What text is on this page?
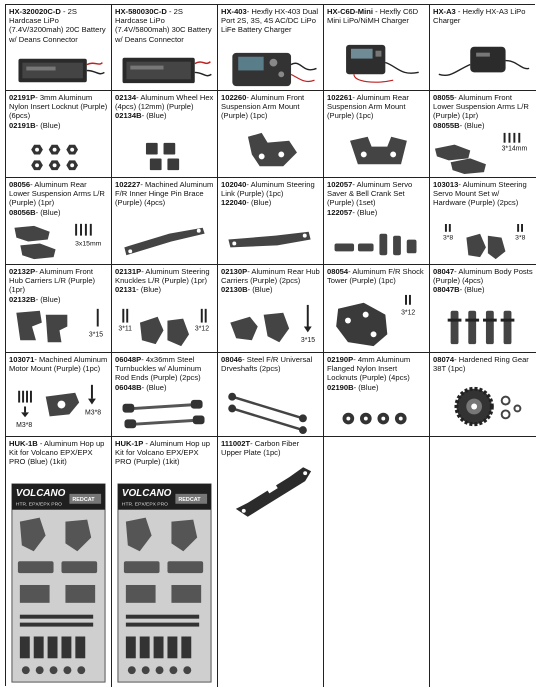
HX-320020C-D - 2S Hardcase LiPo (7.4V/3200mah) 20C Battery w/ Deans Connector
HX-580030C-D - 2S Hardcase LiPo (7.4V/5800mah) 30C Battery w/ Deans Connector
HX-403- Hexfly HX-403 Dual Port 2S, 3S, 4S AC/DC LiPo LiFe Battery Charger
HX-C6D-Mini - Hexfly C6D Mini LiPo/NiMH Charger
HX-A3 - Hexfly HX-A3 LiPo Charger
02191P- 3mm Aluminum Nylon Insert Locknut (Purple) (6pcs)
02191B- (Blue)
02134- Aluminum Wheel Hex (4pcs) (12mm) (Purple)
02134B- (Blue)
102260- Aluminum Front Suspension Arm Mount (Purple) (1pc)
102261- Aluminum Rear Suspension Arm Mount (Purple) (1pc)
08055- Aluminum Front Lower Suspension Arms L/R (Purple) (1pr)
08055B- (Blue)
3*14mm
08056- Aluminum Rear Lower Suspension Arms L/R (Purple) (1pr)
08056B- (Blue)
3x15mm
102227- Machined Aluminum F/R Inner Hinge Pin Brace (Purple) (4pcs)
102040- Aluminum Steering Link (Purple) (1pc)
122040- (Blue)
102057- Aluminum Servo Saver & Bell Crank Set (Purple) (1set)
122057- (Blue)
103013- Aluminum Steering Servo Mount Set w/ Hardware (Purple) (2pcs)
3*8	3*8
02132P- Aluminum Front Hub Carriers L/R (Purple) (1pr)
02132B- (Blue)
3*15
02131P- Aluminum Steering Knuckles L/R (Purple) (1pr)
02131- (Blue)
3*11	3*12
02130P- Aluminum Rear Hub Carriers (Purple) (2pcs)
02130B- (Blue)
3*15
08054- Aluminum F/R Shock Tower (Purple) (1pc)
3*12
08047- Aluminum Body Posts (Purple) (4pcs)
08047B- (Blue)
103071- Machined Aluminum Motor Mount (Purple) (1pc)
M3*8
M3*8
06048P- 4x36mm Steel Turnbuckles w/ Aluminum Rod Ends (Purple) (2pcs)
06048B- (Blue)
08046- Steel F/R Universal Drveshafts (2pcs)
02190P- 4mm Aluminum Flanged Nylon Insert Locknuts (Purple) (4pcs)
02190B- (Blue)
08074- Hardened Ring Gear 38T (1pc)
HUK-1B - Aluminum Hop up Kit for Volcano EPX/EPX PRO (Blue) (1kit)
VOLCANO
HTR. EPX/EPX PRO
REDCAT
HUK-1P - Aluminum Hop up Kit for Volcano EPX/EPX PRO (Purple) (1kit)
VOLCANO
HTR. EPX/EPX PRO
REDCAT
111002T- Carbon Fiber Upper Plate (1pc)
